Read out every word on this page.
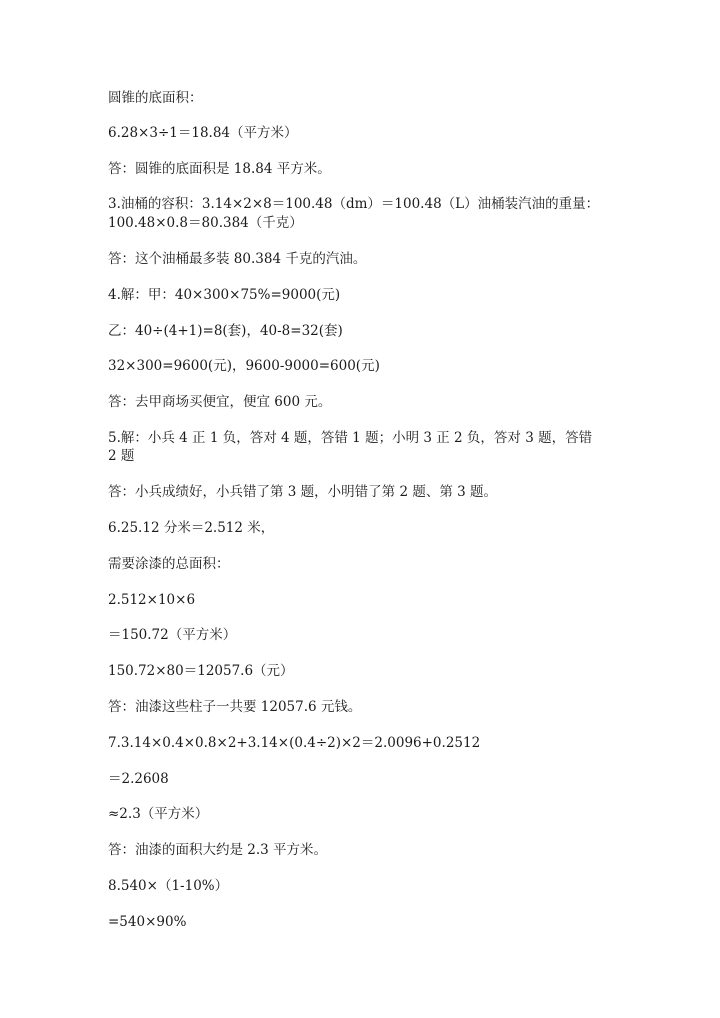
圆锥的底面积：
6.28×3÷1＝18.84（平方米）
答：圆锥的底面积是 18.84 平方米。
3.油桶的容积：3.14×2×8＝100.48（dm）＝100.48（L）油桶装汽油的重量：
100.48×0.8＝80.384（千克）
答：这个油桶最多装 80.384 千克的汽油。
4.解：甲：40×300×75%=9000(元)
乙：40÷(4+1)=8(套)，40-8=32(套)
32×300=9600(元)，9600-9000=600(元)
答：去甲商场买便宜，便宜 600 元。
5.解：小兵 4 正 1 负，答对 4 题，答错 1 题；小明 3 正 2 负，答对 3 题，答错
2 题
答：小兵成绩好，小兵错了第 3 题，小明错了第 2 题、第 3 题。
6.25.12 分米＝2.512 米，
需要涂漆的总面积：
2.512×10×6
＝150.72（平方米）
150.72×80＝12057.6（元）
答：油漆这些柱子一共要 12057.6 元钱。
7.3.14×0.4×0.8×2+3.14×(0.4÷2)×2＝2.0096+0.2512
＝2.2608
≈2.3（平方米）
答：油漆的面积大约是 2.3 平方米。
8.540×（1-10%）
=540×90%
